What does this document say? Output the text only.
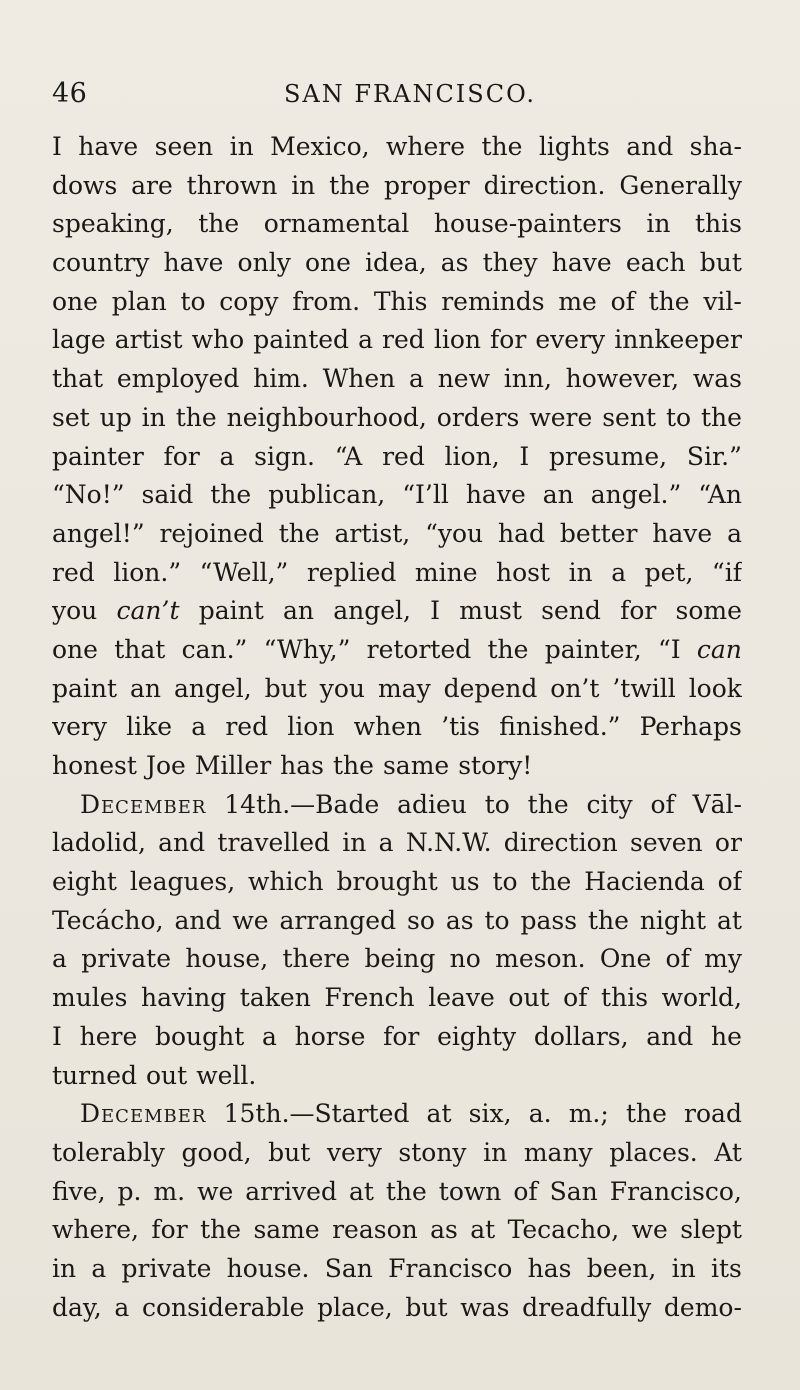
46	SAN FRANCISCO.
I have seen in Mexico, where the lights and sha-
dows are thrown in the proper direction. Generally
speaking, the ornamental house-painters in this
country have only one idea, as they have each but
one plan to copy from. This reminds me of the vil-
lage artist who painted a red lion for every innkeeper
that employed him. When a new inn, however, was
set up in the neighbourhood, orders were sent to the
painter for a sign. “A red lion, I presume, Sir.”
“No!” said the publican, “I’ll have an angel.” “An
angel!” rejoined the artist, “you had better have a
red lion.” “Well,” replied mine host in a pet, “if
you can’t paint an angel, I must send for some
one that can.” “Why,” retorted the painter, “I can
paint an angel, but you may depend on’t ’twill look
very like a red lion when ’tis finished.” Perhaps
honest Joe Miller has the same story!
December 14th.—Bade adieu to the city of Vāl-
ladolid, and travelled in a N.N.W. direction seven or
eight leagues, which brought us to the Hacienda of
Tecácho, and we arranged so as to pass the night at
a private house, there being no meson. One of my
mules having taken French leave out of this world,
I here bought a horse for eighty dollars, and he
turned out well.
December 15th.—Started at six, a. m.; the road
tolerably good, but very stony in many places. At
five, p. m. we arrived at the town of San Francisco,
where, for the same reason as at Tecacho, we slept
in a private house. San Francisco has been, in its
day, a considerable place, but was dreadfully demo-
